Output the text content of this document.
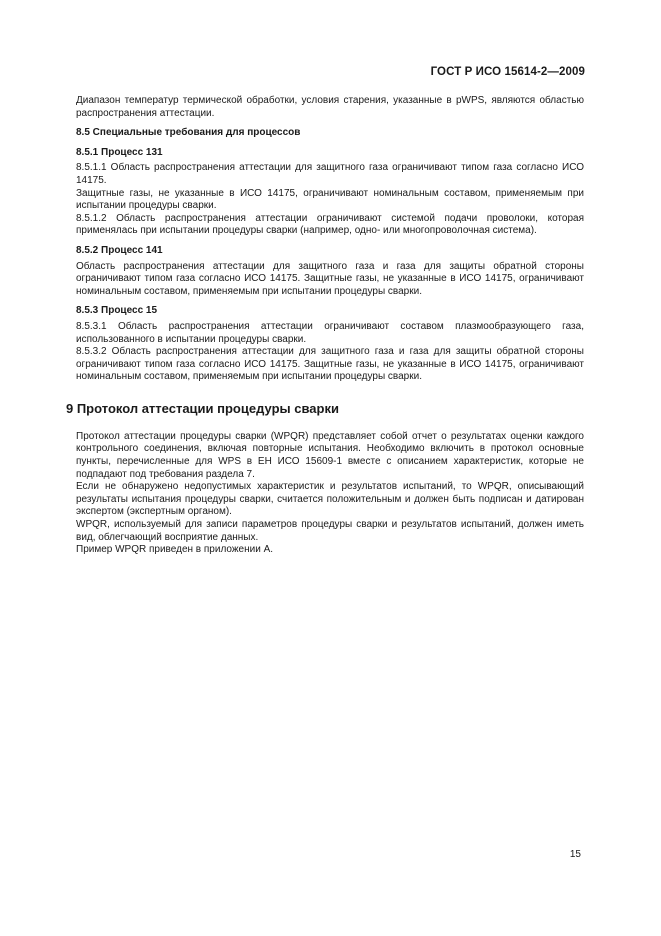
ГОСТ Р ИСО 15614-2—2009

Диапазон температур термической обработки, условия старения, указанные в pWPS, являются областью распространения аттестации.

8.5 Специальные требования для процессов

8.5.1 Процесс 131

8.5.1.1 Область распространения аттестации для защитного газа ограничивают типом газа согласно ИСО 14175.

Защитные газы, не указанные в ИСО 14175, ограничивают номинальным составом, применяемым при испытании процедуры сварки.

8.5.1.2 Область распространения аттестации ограничивают системой подачи проволоки, которая применялась при испытании процедуры сварки (например, одно- или многопроволочная система).

8.5.2 Процесс 141

Область распространения аттестации для защитного газа и газа для защиты обратной стороны ограничивают типом газа согласно ИСО 14175. Защитные газы, не указанные в ИСО 14175, ограничивают номинальным составом, применяемым при испытании процедуры сварки.

8.5.3 Процесс 15

8.5.3.1 Область распространения аттестации ограничивают составом плазмообразующего газа, использованного в испытании процедуры сварки.

8.5.3.2 Область распространения аттестации для защитного газа и газа для защиты обратной стороны ограничивают типом газа согласно ИСО 14175. Защитные газы, не указанные в ИСО 14175, ограничивают номинальным составом, применяемым при испытании процедуры сварки.

9 Протокол аттестации процедуры сварки

Протокол аттестации процедуры сварки (WPQR) представляет собой отчет о результатах оценки каждого контрольного соединения, включая повторные испытания. Необходимо включить в протокол основные пункты, перечисленные для WPS в ЕН ИСО 15609-1 вместе с описанием характеристик, которые не подпадают под требования раздела 7.

Если не обнаружено недопустимых характеристик и результатов испытаний, то WPQR, описывающий результаты испытания процедуры сварки, считается положительным и должен быть подписан и датирован экспертом (экспертным органом).

WPQR, используемый для записи параметров процедуры сварки и результатов испытаний, должен иметь вид, облегчающий восприятие данных.

Пример WPQR приведен в приложении А.

15
